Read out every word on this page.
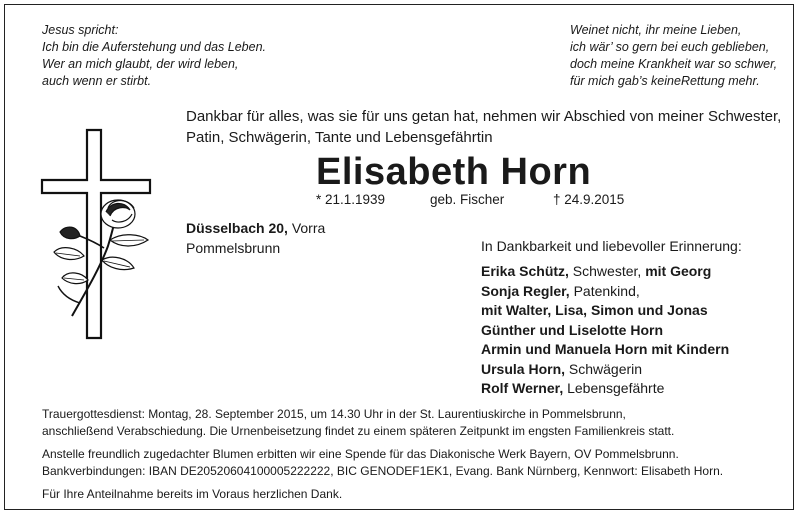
Jesus spricht:
Ich bin die Auferstehung und das Leben.
Wer an mich glaubt, der wird leben,
auch wenn er stirbt.
Weinet nicht, ihr meine Lieben,
ich wär’ so gern bei euch geblieben,
doch meine Krankheit war so schwer,
für mich gab’s keineRettung mehr.
Dankbar für alles, was sie für uns getan hat, nehmen wir Abschied von meiner Schwester,
Patin, Schwägerin, Tante und Lebensgefährtin
Elisabeth Horn
* 21.1.1939	geb. Fischer	† 24.9.2015
Düsselbach 20, Vorra
Pommelsbrunn	In Dankbarkeit und liebevoller Erinnerung:
Erika Schütz, Schwester, mit Georg
Sonja Regler, Patenkind,
mit Walter, Lisa, Simon und Jonas
Günther und Liselotte Horn
Armin und Manuela Horn mit Kindern
Ursula Horn, Schwägerin
Rolf Werner, Lebensgefährte
Trauergottesdienst: Montag, 28. September 2015, um 14.30 Uhr in der St. Laurentiuskirche in Pommelsbrunn,
anschließend Verabschiedung. Die Urnenbeisetzung findet zu einem späteren Zeitpunkt im engsten Familienkreis statt.
Anstelle freundlich zugedachter Blumen erbitten wir eine Spende für das Diakonische Werk Bayern, OV Pommelsbrunn.
Bankverbindungen: IBAN DE20520604100005222222, BIC GENODEF1EK1, Evang. Bank Nürnberg, Kennwort: Elisabeth Horn.
Für Ihre Anteilnahme bereits im Voraus herzlichen Dank.
